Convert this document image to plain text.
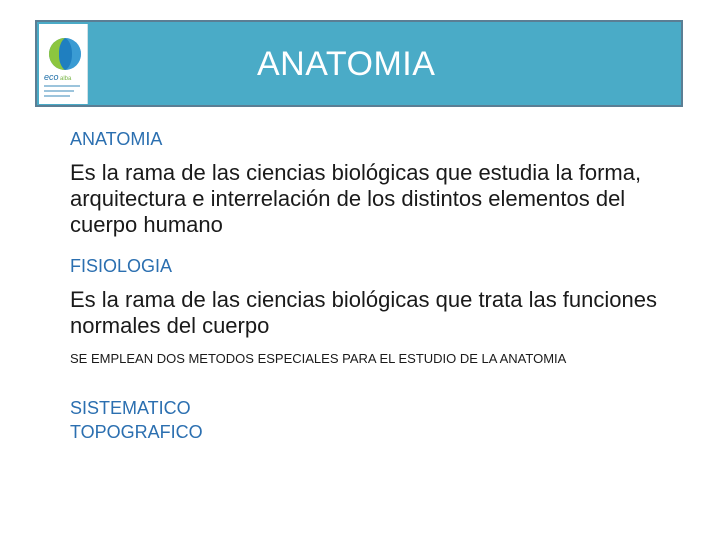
eco alba	ANATOMIA
ANATOMIA
Es la rama de las ciencias biológicas que estudia la forma, arquitectura e interrelación de los distintos elementos del cuerpo humano
FISIOLOGIA
Es la rama de las ciencias biológicas que trata las funciones normales del cuerpo
SE EMPLEAN DOS METODOS ESPECIALES PARA EL ESTUDIO DE LA ANATOMIA
SISTEMATICO
TOPOGRAFICO
